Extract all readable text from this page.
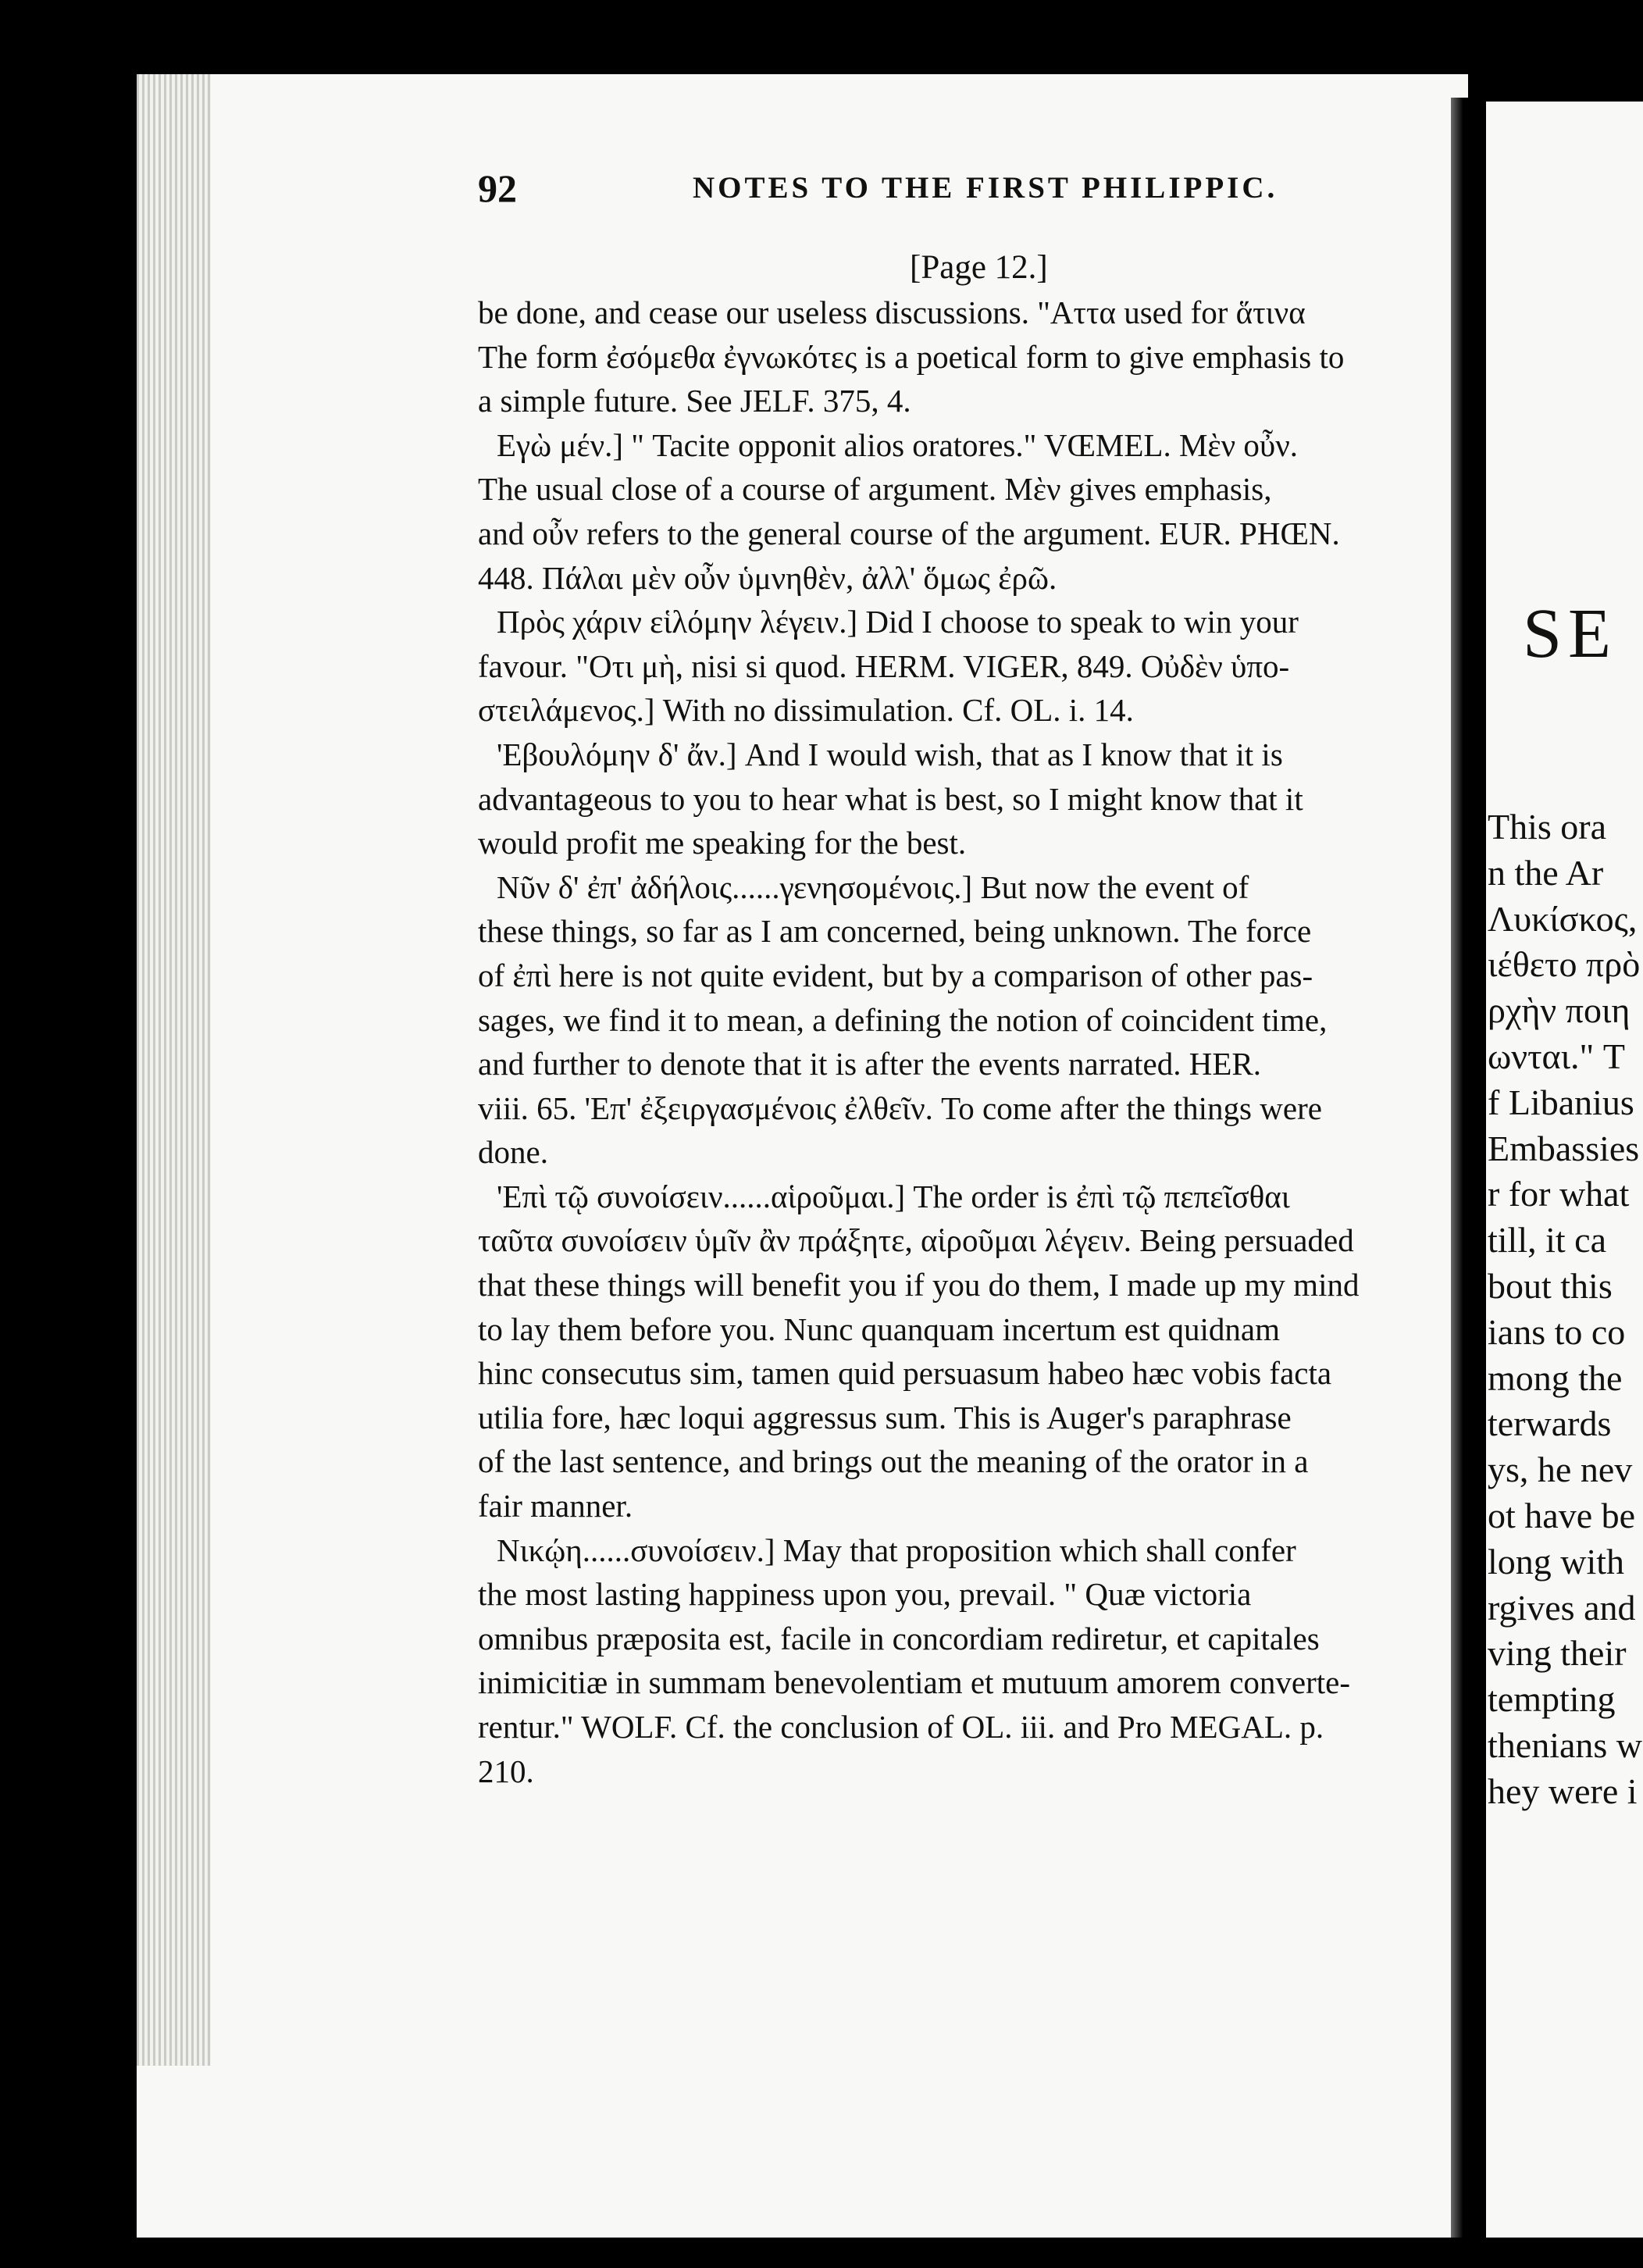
92	NOTES TO THE FIRST PHILIPPIC.
[Page 12.]
be done, and cease our useless discussions. "Αττα used for ἅτινα
The form ἐσόμεθα ἐγνωκότες is a poetical form to give emphasis to
a simple future. See JELF. 375, 4.
Εγὼ μέν.] " Tacite opponit alios oratores." VŒMEL. Μὲν οὖν.
The usual close of a course of argument. Μὲν gives emphasis,
and οὖν refers to the general course of the argument. EUR. PHŒN.
448. Πάλαι μὲν οὖν ὑμνηθὲν, ἀλλ' ὅμως ἐρῶ.
Πρὸς χάριν εἱλόμην λέγειν.] Did I choose to speak to win your
favour. "Οτι μὴ, nisi si quod. HERM. VIGER, 849. Οὐδὲν ὑπο-
στειλάμενος.] With no dissimulation. Cf. OL. i. 14.
'Εβουλόμην δ' ἄν.] And I would wish, that as I know that it is
advantageous to you to hear what is best, so I might know that it
would profit me speaking for the best.
Νῦν δ' ἐπ' ἀδήλοις......γενησομένοις.] But now the event of
these things, so far as I am concerned, being unknown. The force
of ἐπὶ here is not quite evident, but by a comparison of other pas-
sages, we find it to mean, a defining the notion of coincident time,
and further to denote that it is after the events narrated. HER.
viii. 65. 'Επ' ἐξειργασμένοις ἐλθεῖν. To come after the things were
done.
'Επὶ τῷ συνοίσειν......αἱροῦμαι.] The order is ἐπὶ τῷ πεπεῖσθαι
ταῦτα συνοίσειν ὑμῖν ἂν πράξητε, αἱροῦμαι λέγειν. Being persuaded
that these things will benefit you if you do them, I made up my mind
to lay them before you. Nunc quanquam incertum est quidnam
hinc consecutus sim, tamen quid persuasum habeo hæc vobis facta
utilia fore, hæc loqui aggressus sum. This is Auger's paraphrase
of the last sentence, and brings out the meaning of the orator in a
fair manner.
Νικῴη......συνοίσειν.] May that proposition which shall confer
the most lasting happiness upon you, prevail. " Quæ victoria
omnibus præposita est, facile in concordiam rediretur, et capitales
inimicitiæ in summam benevolentiam et mutuum amorem converte-
rentur." WOLF. Cf. the conclusion of OL. iii. and Pro MEGAL. p.
210.
SE
This ora
n the Ar
Λυκίσκος,
ιέθετο πρὸ
ρχὴν ποιη
ωνται." T
f Libanius
Embassies
r for what
till, it ca
bout this
ians to co
mong the
terwards
ys, he nev
ot have be
long with
rgives and
ving their
tempting
thenians w
hey were i
